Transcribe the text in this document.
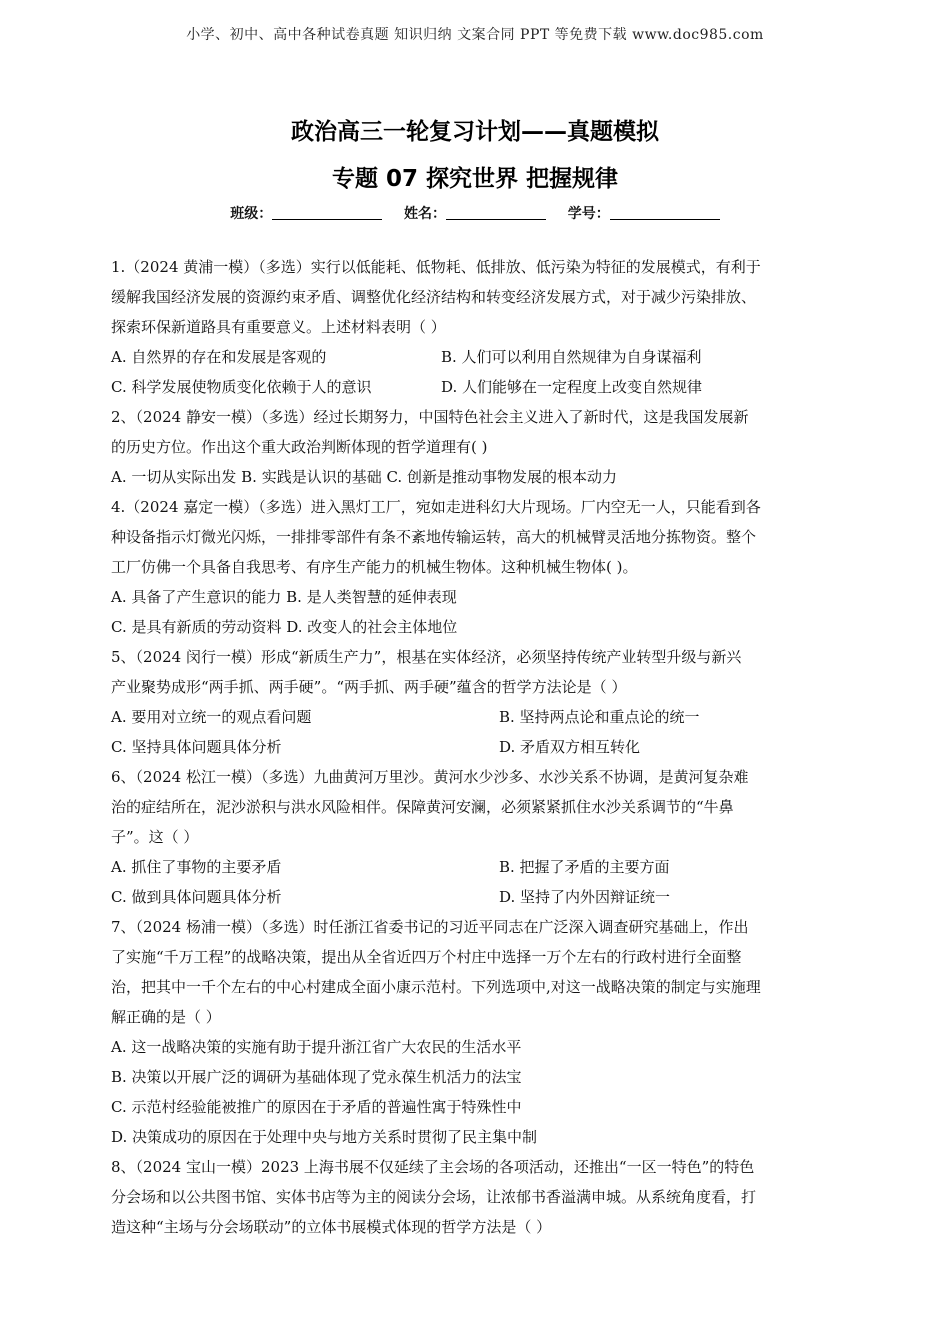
小学、初中、高中各种试卷真题 知识归纳 文案合同 PPT 等免费下载 www.doc985.com
政治高三一轮复习计划——真题模拟
专题 07 探究世界 把握规律
班级：	姓名：	学号：
1.（2024 黄浦一模）（多选）实行以低能耗、低物耗、低排放、低污染为特征的发展模式，有利于
缓解我国经济发展的资源约束矛盾、调整优化经济结构和转变经济发展方式，对于减少污染排放、
探索环保新道路具有重要意义。上述材料表明（ ）
A. 自然界的存在和发展是客观的	B. 人们可以利用自然规律为自身谋福利
C. 科学发展使物质变化依赖于人的意识	D. 人们能够在一定程度上改变自然规律
2、（2024 静安一模）（多选）经过长期努力，中国特色社会主义进入了新时代，这是我国发展新
的历史方位。作出这个重大政治判断体现的哲学道理有( )
A. 一切从实际出发 B. 实践是认识的基础 C. 创新是推动事物发展的根本动力
4.（2024 嘉定一模）（多选）进入黑灯工厂，宛如走进科幻大片现场。厂内空无一人，只能看到各
种设备指示灯微光闪烁，一排排零部件有条不紊地传输运转，高大的机械臂灵活地分拣物资。整个
工厂仿佛一个具备自我思考、有序生产能力的机械生物体。这种机械生物体( )。
A. 具备了产生意识的能力 B. 是人类智慧的延伸表现
C. 是具有新质的劳动资料 D. 改变人的社会主体地位
5、（2024 闵行一模）形成“新质生产力”，根基在实体经济，必须坚持传统产业转型升级与新兴
产业聚势成形“两手抓、两手硬”。“两手抓、两手硬”蕴含的哲学方法论是（ ）
A. 要用对立统一的观点看问题	B. 坚持两点论和重点论的统一
C. 坚持具体问题具体分析	D. 矛盾双方相互转化
6、（2024 松江一模）（多选）九曲黄河万里沙。黄河水少沙多、水沙关系不协调，是黄河复杂难
治的症结所在，泥沙淤积与洪水风险相伴。保障黄河安澜，必须紧紧抓住水沙关系调节的“牛鼻
子”。这（ ）
A. 抓住了事物的主要矛盾	B. 把握了矛盾的主要方面
C. 做到具体问题具体分析	D. 坚持了内外因辩证统一
7、（2024 杨浦一模）（多选）时任浙江省委书记的习近平同志在广泛深入调查研究基础上，作出
了实施“千万工程”的战略决策，提出从全省近四万个村庄中选择一万个左右的行政村进行全面整
治，把其中一千个左右的中心村建成全面小康示范村。下列选项中,对这一战略决策的制定与实施理
解正确的是（ ）
A. 这一战略决策的实施有助于提升浙江省广大农民的生活水平
B. 决策以开展广泛的调研为基础体现了党永葆生机活力的法宝
C. 示范村经验能被推广的原因在于矛盾的普遍性寓于特殊性中
D. 决策成功的原因在于处理中央与地方关系时贯彻了民主集中制
8、（2024 宝山一模）2023 上海书展不仅延续了主会场的各项活动，还推出“一区一特色”的特色
分会场和以公共图书馆、实体书店等为主的阅读分会场，让浓郁书香溢满申城。从系统角度看，打
造这种“主场与分会场联动”的立体书展模式体现的哲学方法是（ ）
